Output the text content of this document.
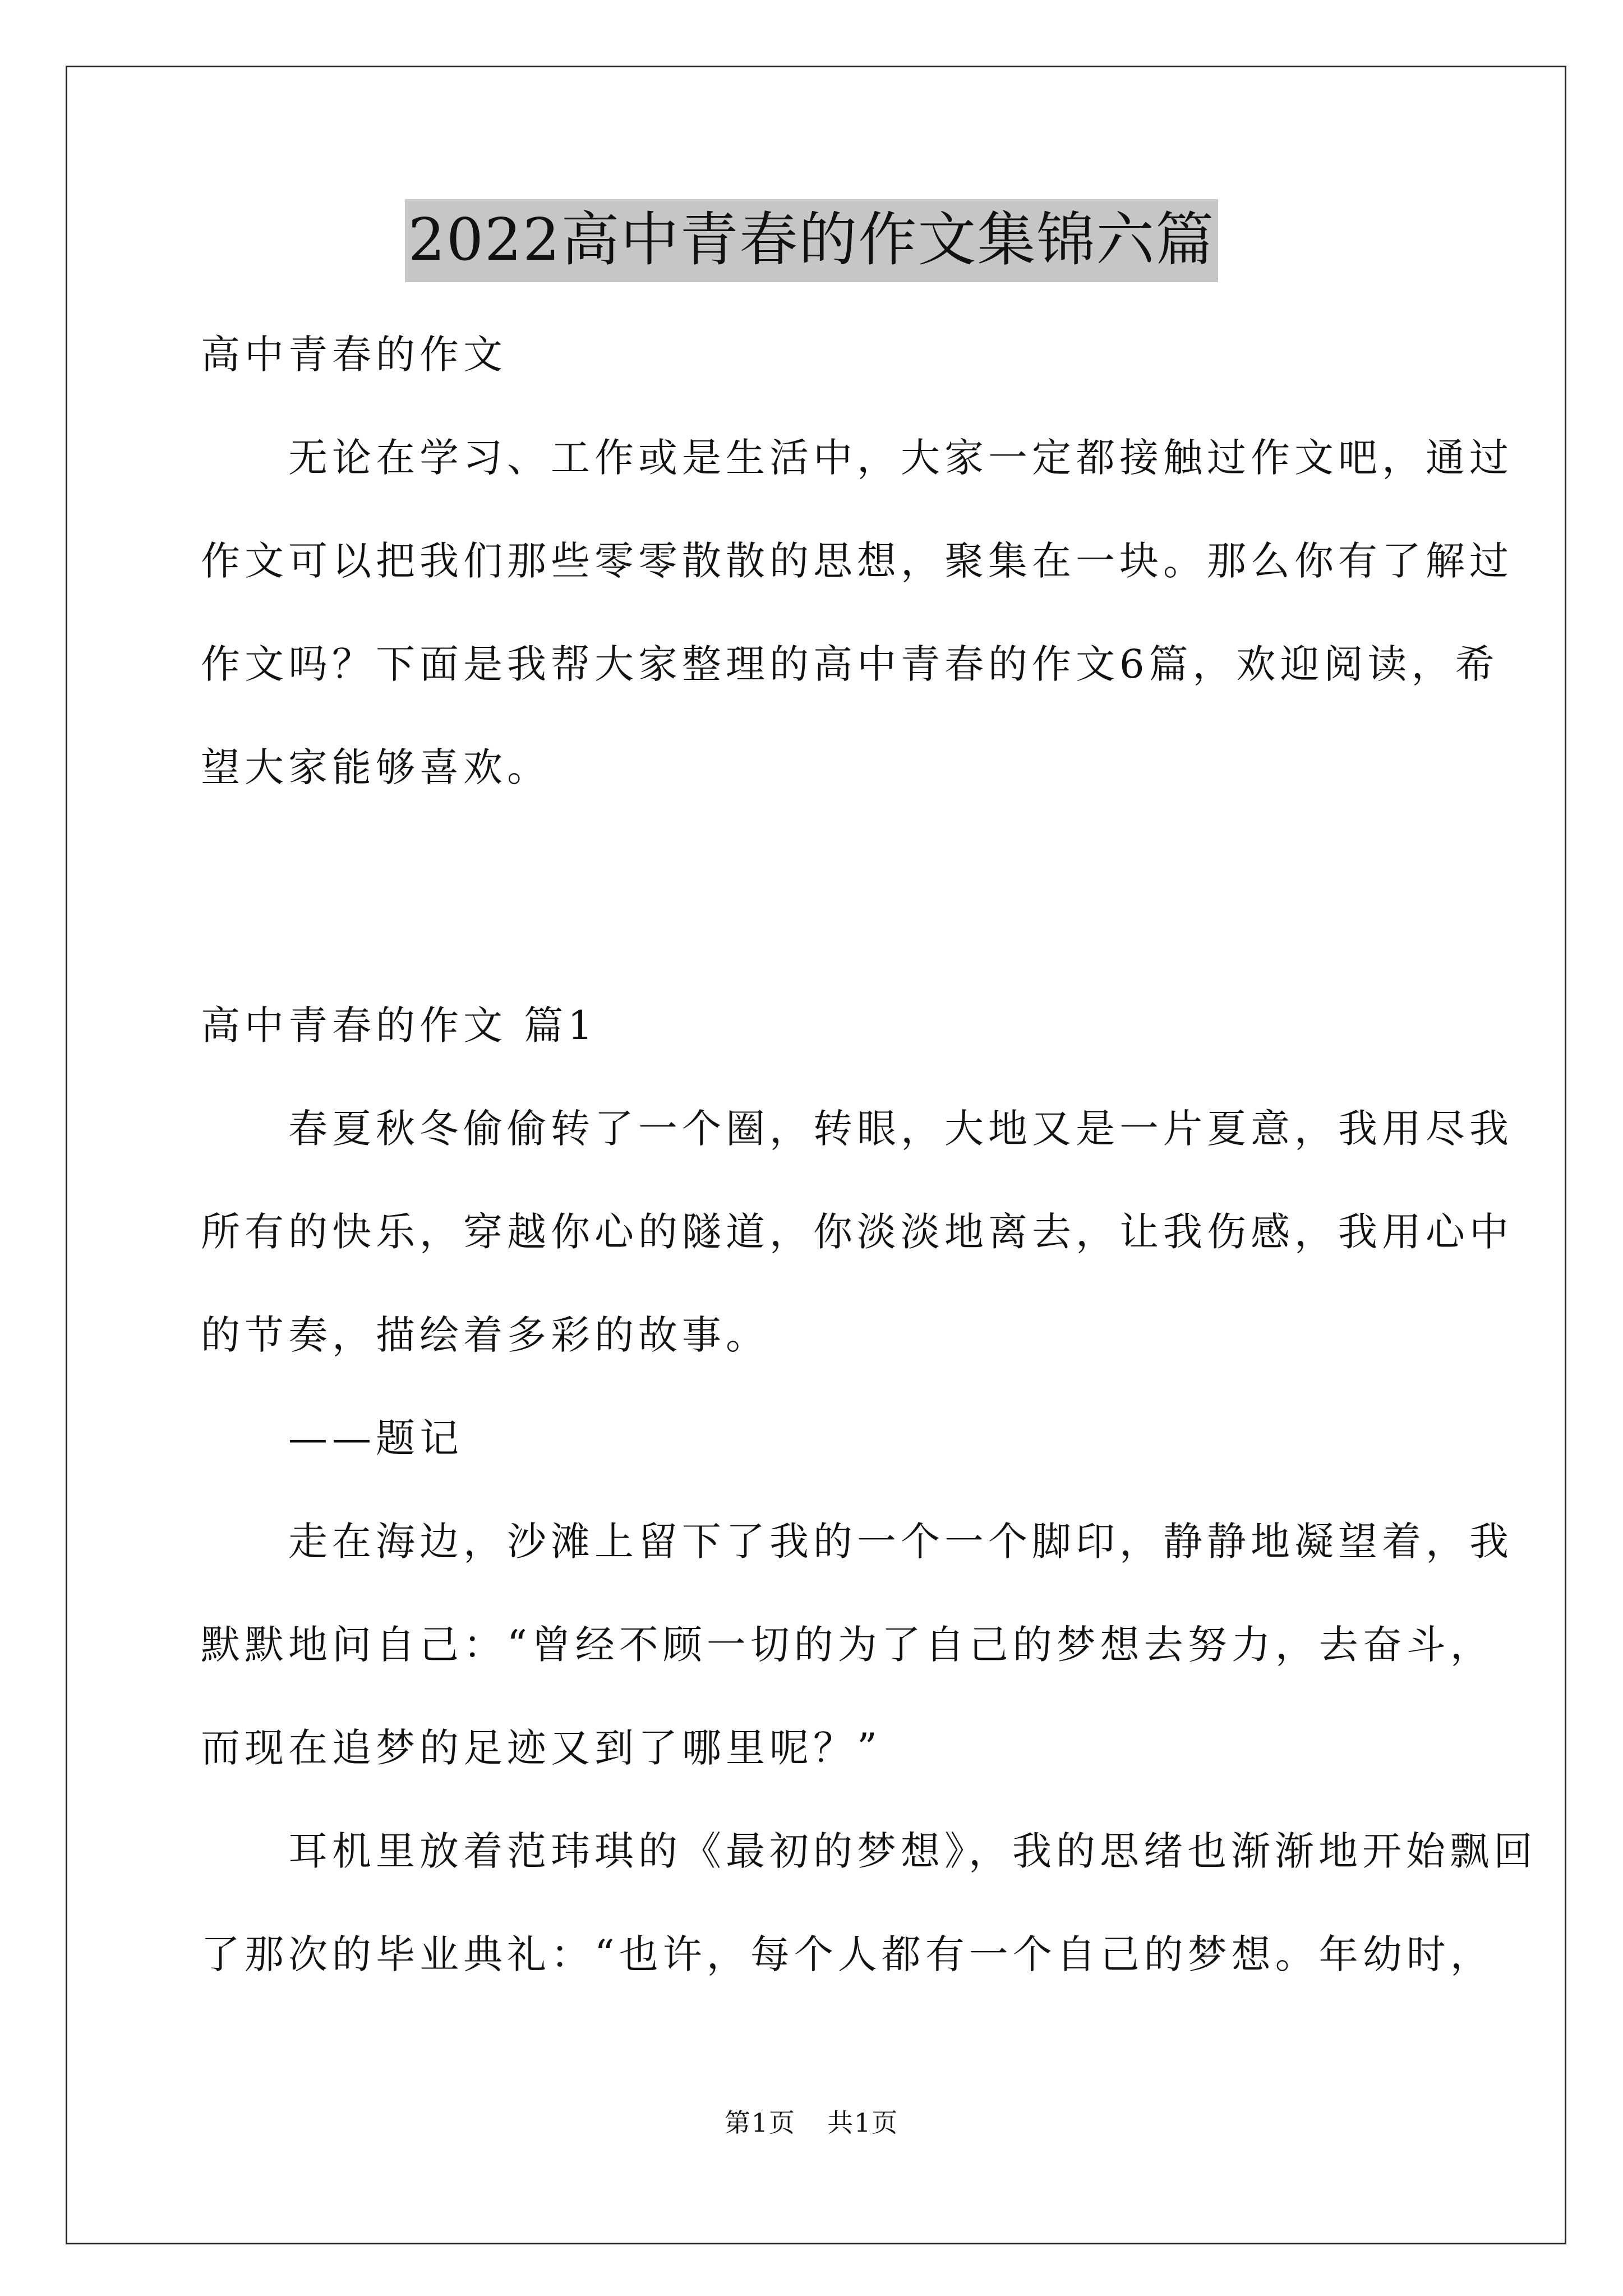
2022高中青春的作文集锦六篇
高中青春的作文
　　无论在学习、工作或是生活中，大家一定都接触过作文吧，通过
作文可以把我们那些零零散散的思想，聚集在一块。那么你有了解过
作文吗？下面是我帮大家整理的高中青春的作文6篇，欢迎阅读，希
望大家能够喜欢。
高中青春的作文 篇1
　　春夏秋冬偷偷转了一个圈，转眼，大地又是一片夏意，我用尽我
所有的快乐，穿越你心的隧道，你淡淡地离去，让我伤感，我用心中
的节奏，描绘着多彩的故事。
　　——题记
　　走在海边，沙滩上留下了我的一个一个脚印，静静地凝望着，我
默默地问自己：“曾经不顾一切的为了自己的梦想去努力，去奋斗，
而现在追梦的足迹又到了哪里呢？”
　　耳机里放着范玮琪的《最初的梦想》，我的思绪也渐渐地开始飘回
了那次的毕业典礼：“也许，每个人都有一个自己的梦想。年幼时，
第1页 共1页
